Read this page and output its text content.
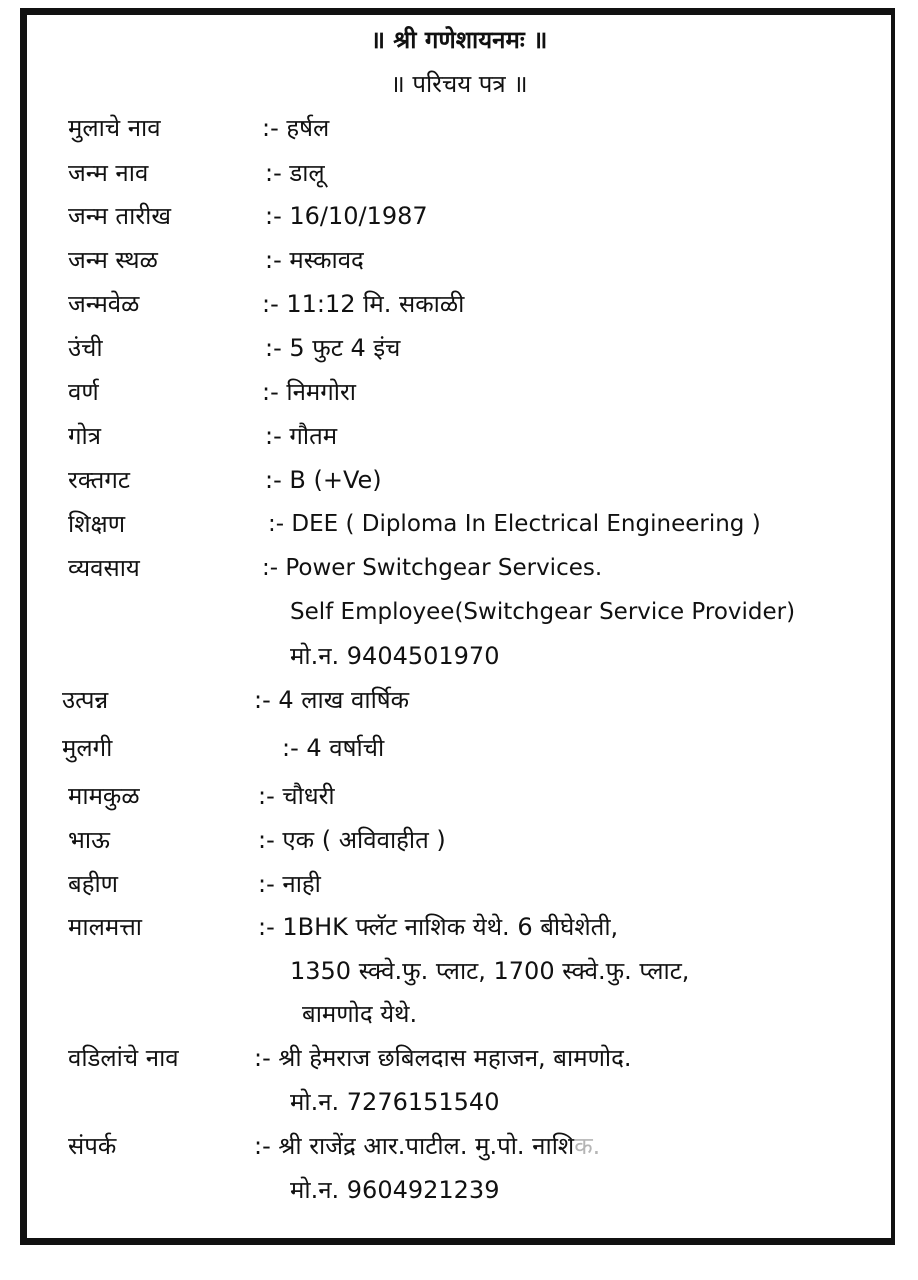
॥ श्री गणेशायनमः ॥
॥ परिचय पत्र ॥
मुलाचे नाव	:- हर्षल
जन्म नाव	:- डालू
जन्म तारीख	:- 16/10/1987
जन्म स्थळ	:- मस्कावद
जन्मवेळ	:- 11:12 मि. सकाळी
उंची	:- 5 फुट 4 इंच
वर्ण	:- निमगोरा
गोत्र	:- गौतम
रक्तगट	:- B (+Ve)
शिक्षण	:- DEE ( Diploma In Electrical Engineering )
व्यवसाय	:- Power Switchgear Services.
Self Employee(Switchgear Service Provider)
मो.न. 9404501970
उत्पन्न	:- 4 लाख वार्षिक
मुलगी	:- 4 वर्षाची
मामकुळ	:- चौधरी
भाऊ	:- एक ( अविवाहीत )
बहीण	:- नाही
मालमत्ता	:- 1BHK फ्लॅट नाशिक येथे. 6 बीघेशेती,
1350 स्क्वे.फु. प्लाट, 1700 स्क्वे.फु. प्लाट,
बामणोद येथे.
वडिलांचे नाव	:- श्री हेमराज छबिलदास महाजन, बामणोद.
मो.न. 7276151540
संपर्क	:- श्री राजेंद्र आर.पाटील. मु.पो. नाशिक.
मो.न. 9604921239
